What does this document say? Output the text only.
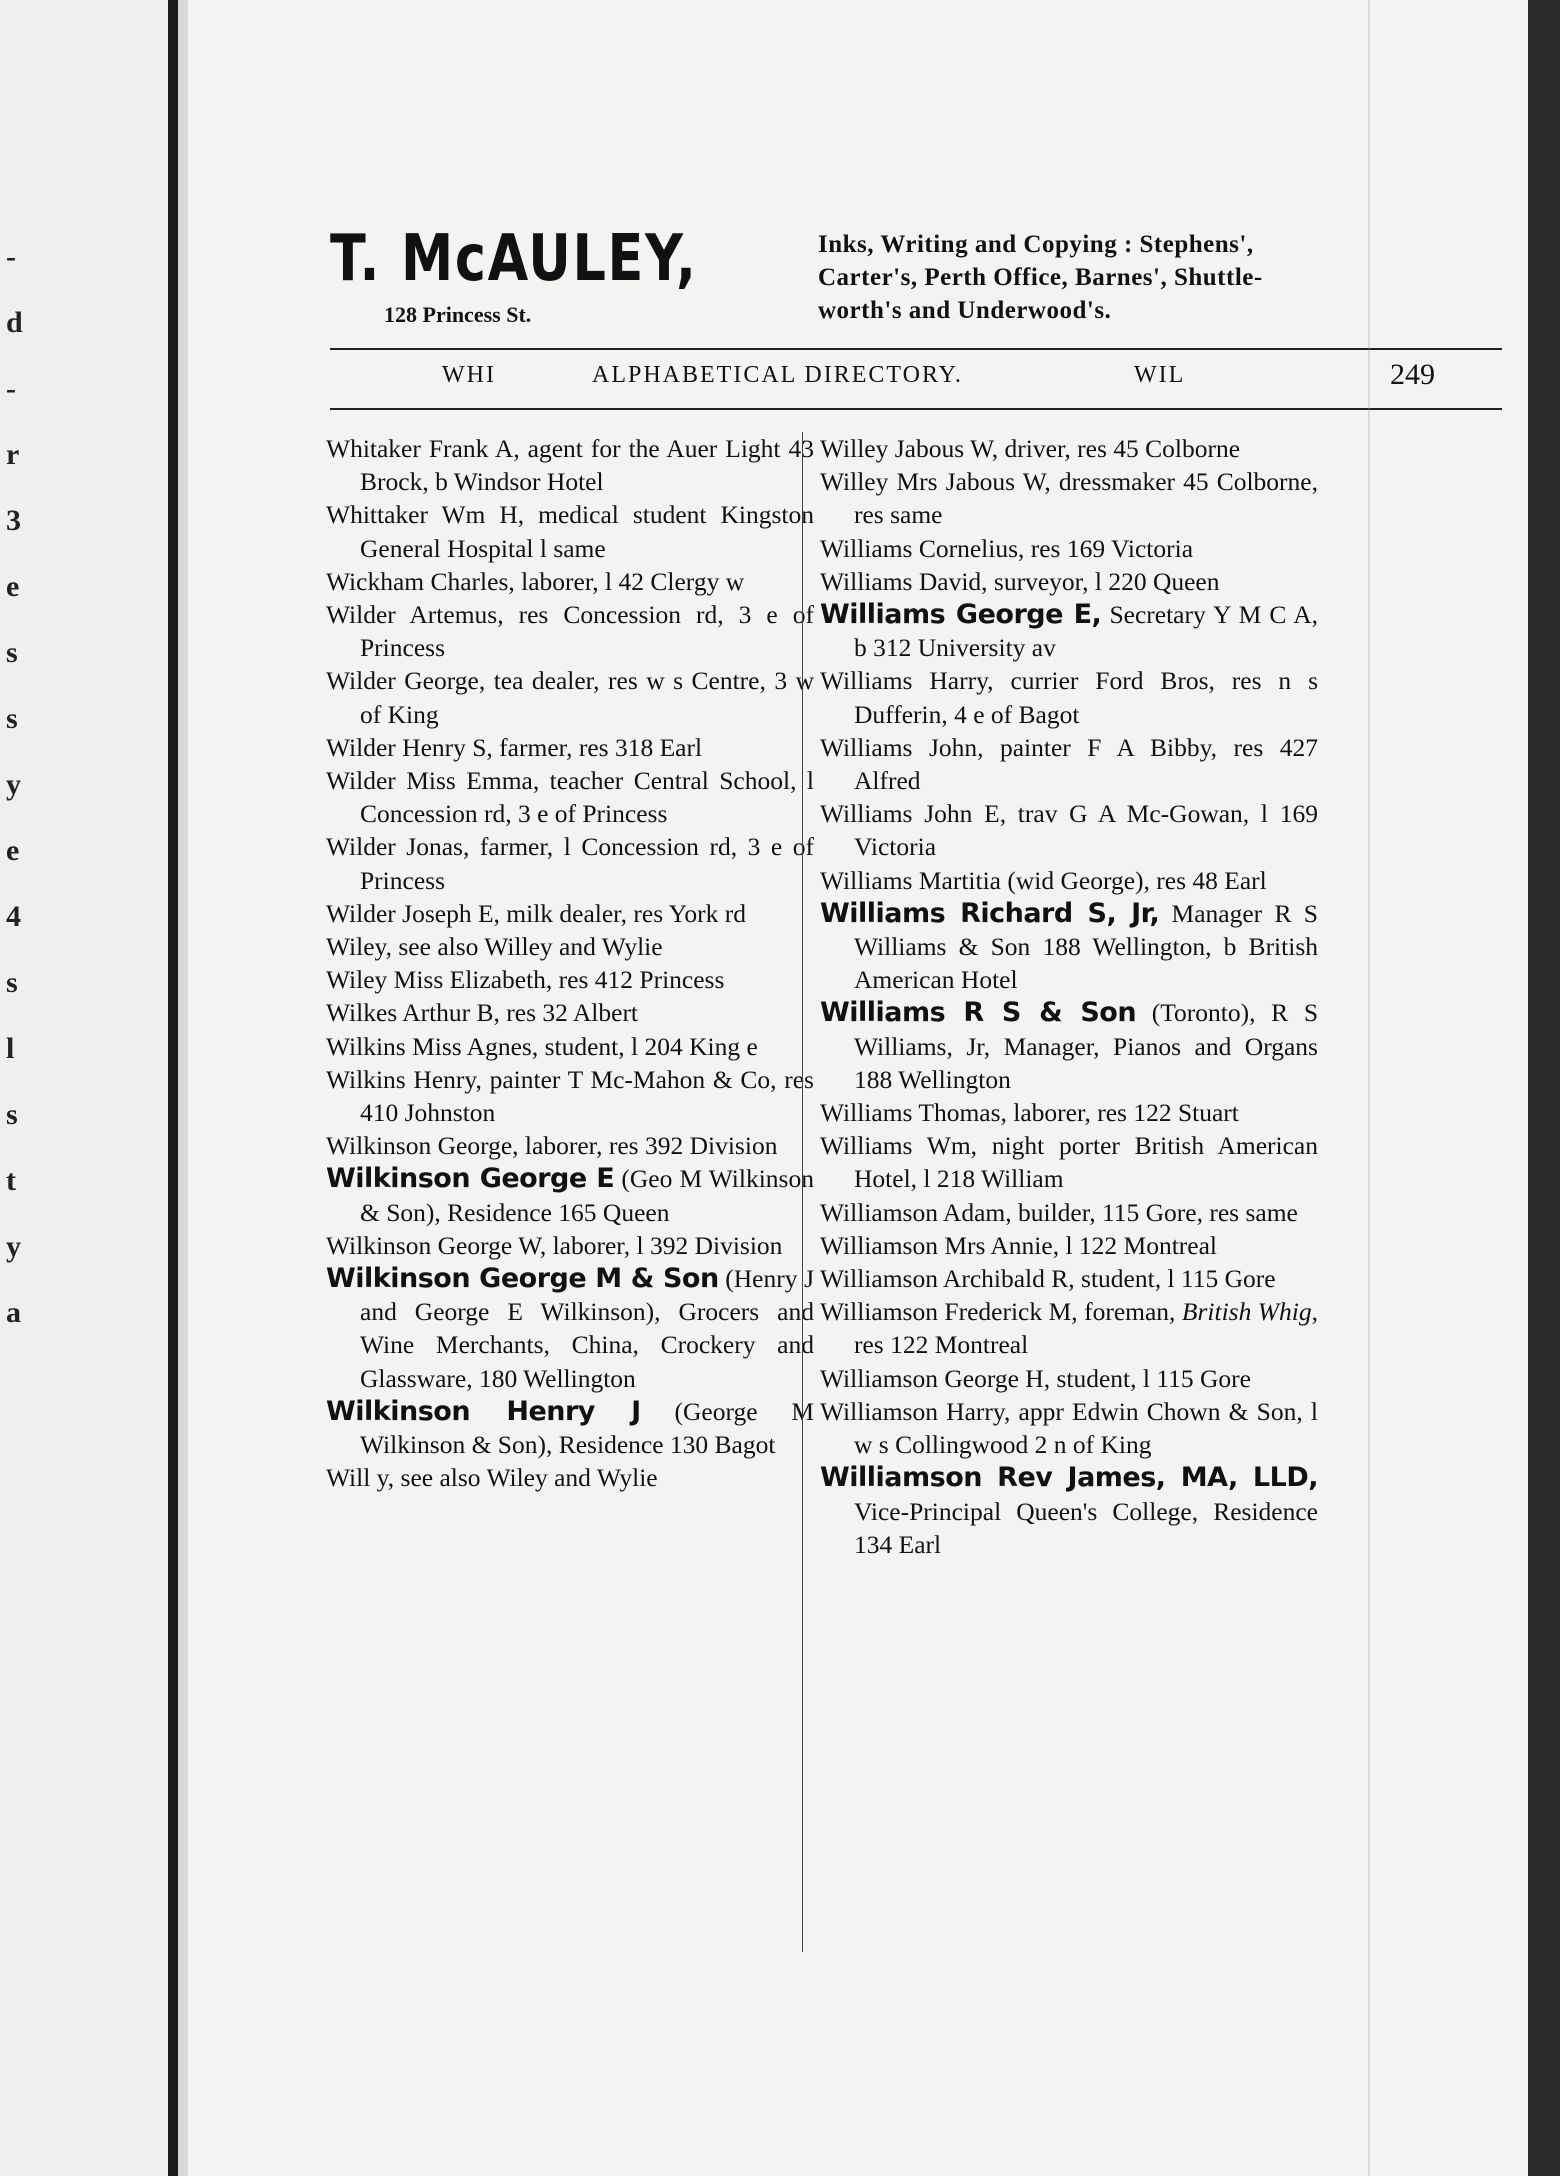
-
d
-
r
3
e
s
s
y
e
4
s
l
s
t
y
a
T. McAULEY,
128 Princess St.
Inks, Writing and Copying : Stephens',
Carter's, Perth Office, Barnes', Shuttle-
worth's and Underwood's.
WHI	ALPHABETICAL DIRECTORY.	WIL	249
Whitaker Frank A, agent for the Auer Light 43 Brock, b Windsor Hotel
Whittaker Wm H, medical student Kingston General Hospital l same
Wickham Charles, laborer, l 42 Clergy w
Wilder Artemus, res Concession rd, 3 e of Princess
Wilder George, tea dealer, res w s Centre, 3 w of King
Wilder Henry S, farmer, res 318 Earl
Wilder Miss Emma, teacher Central School, l Concession rd, 3 e of Princess
Wilder Jonas, farmer, l Concession rd, 3 e of Princess
Wilder Joseph E, milk dealer, res York rd
Wiley, see also Willey and Wylie
Wiley Miss Elizabeth, res 412 Princess
Wilkes Arthur B, res 32 Albert
Wilkins Miss Agnes, student, l 204 King e
Wilkins Henry, painter T Mc-Mahon & Co, res 410 Johnston
Wilkinson George, laborer, res 392 Division
Wilkinson George E (Geo M Wilkinson & Son), Residence 165 Queen
Wilkinson George W, laborer, l 392 Division
Wilkinson George M & Son (Henry J and George E Wilkinson), Grocers and Wine Merchants, China, Crockery and Glassware, 180 Wellington
Wilkinson Henry J (George M Wilkinson & Son), Residence 130 Bagot
Will y, see also Wiley and Wylie
Willey Jabous W, driver, res 45 Colborne
Willey Mrs Jabous W, dressmaker 45 Colborne, res same
Williams Cornelius, res 169 Victoria
Williams David, surveyor, l 220 Queen
Williams George E, Secretary Y M C A, b 312 University av
Williams Harry, currier Ford Bros, res n s Dufferin, 4 e of Bagot
Williams John, painter F A Bibby, res 427 Alfred
Williams John E, trav G A Mc-Gowan, l 169 Victoria
Williams Martitia (wid George), res 48 Earl
Williams Richard S, Jr, Manager R S Williams & Son 188 Wellington, b British American Hotel
Williams R S & Son (Toronto), R S Williams, Jr, Manager, Pianos and Organs 188 Wellington
Williams Thomas, laborer, res 122 Stuart
Williams Wm, night porter British American Hotel, l 218 William
Williamson Adam, builder, 115 Gore, res same
Williamson Mrs Annie, l 122 Montreal
Williamson Archibald R, student, l 115 Gore
Williamson Frederick M, foreman, British Whig, res 122 Montreal
Williamson George H, student, l 115 Gore
Williamson Harry, appr Edwin Chown & Son, l w s Collingwood 2 n of King
Williamson Rev James, MA, LLD, Vice-Principal Queen's College, Residence 134 Earl
